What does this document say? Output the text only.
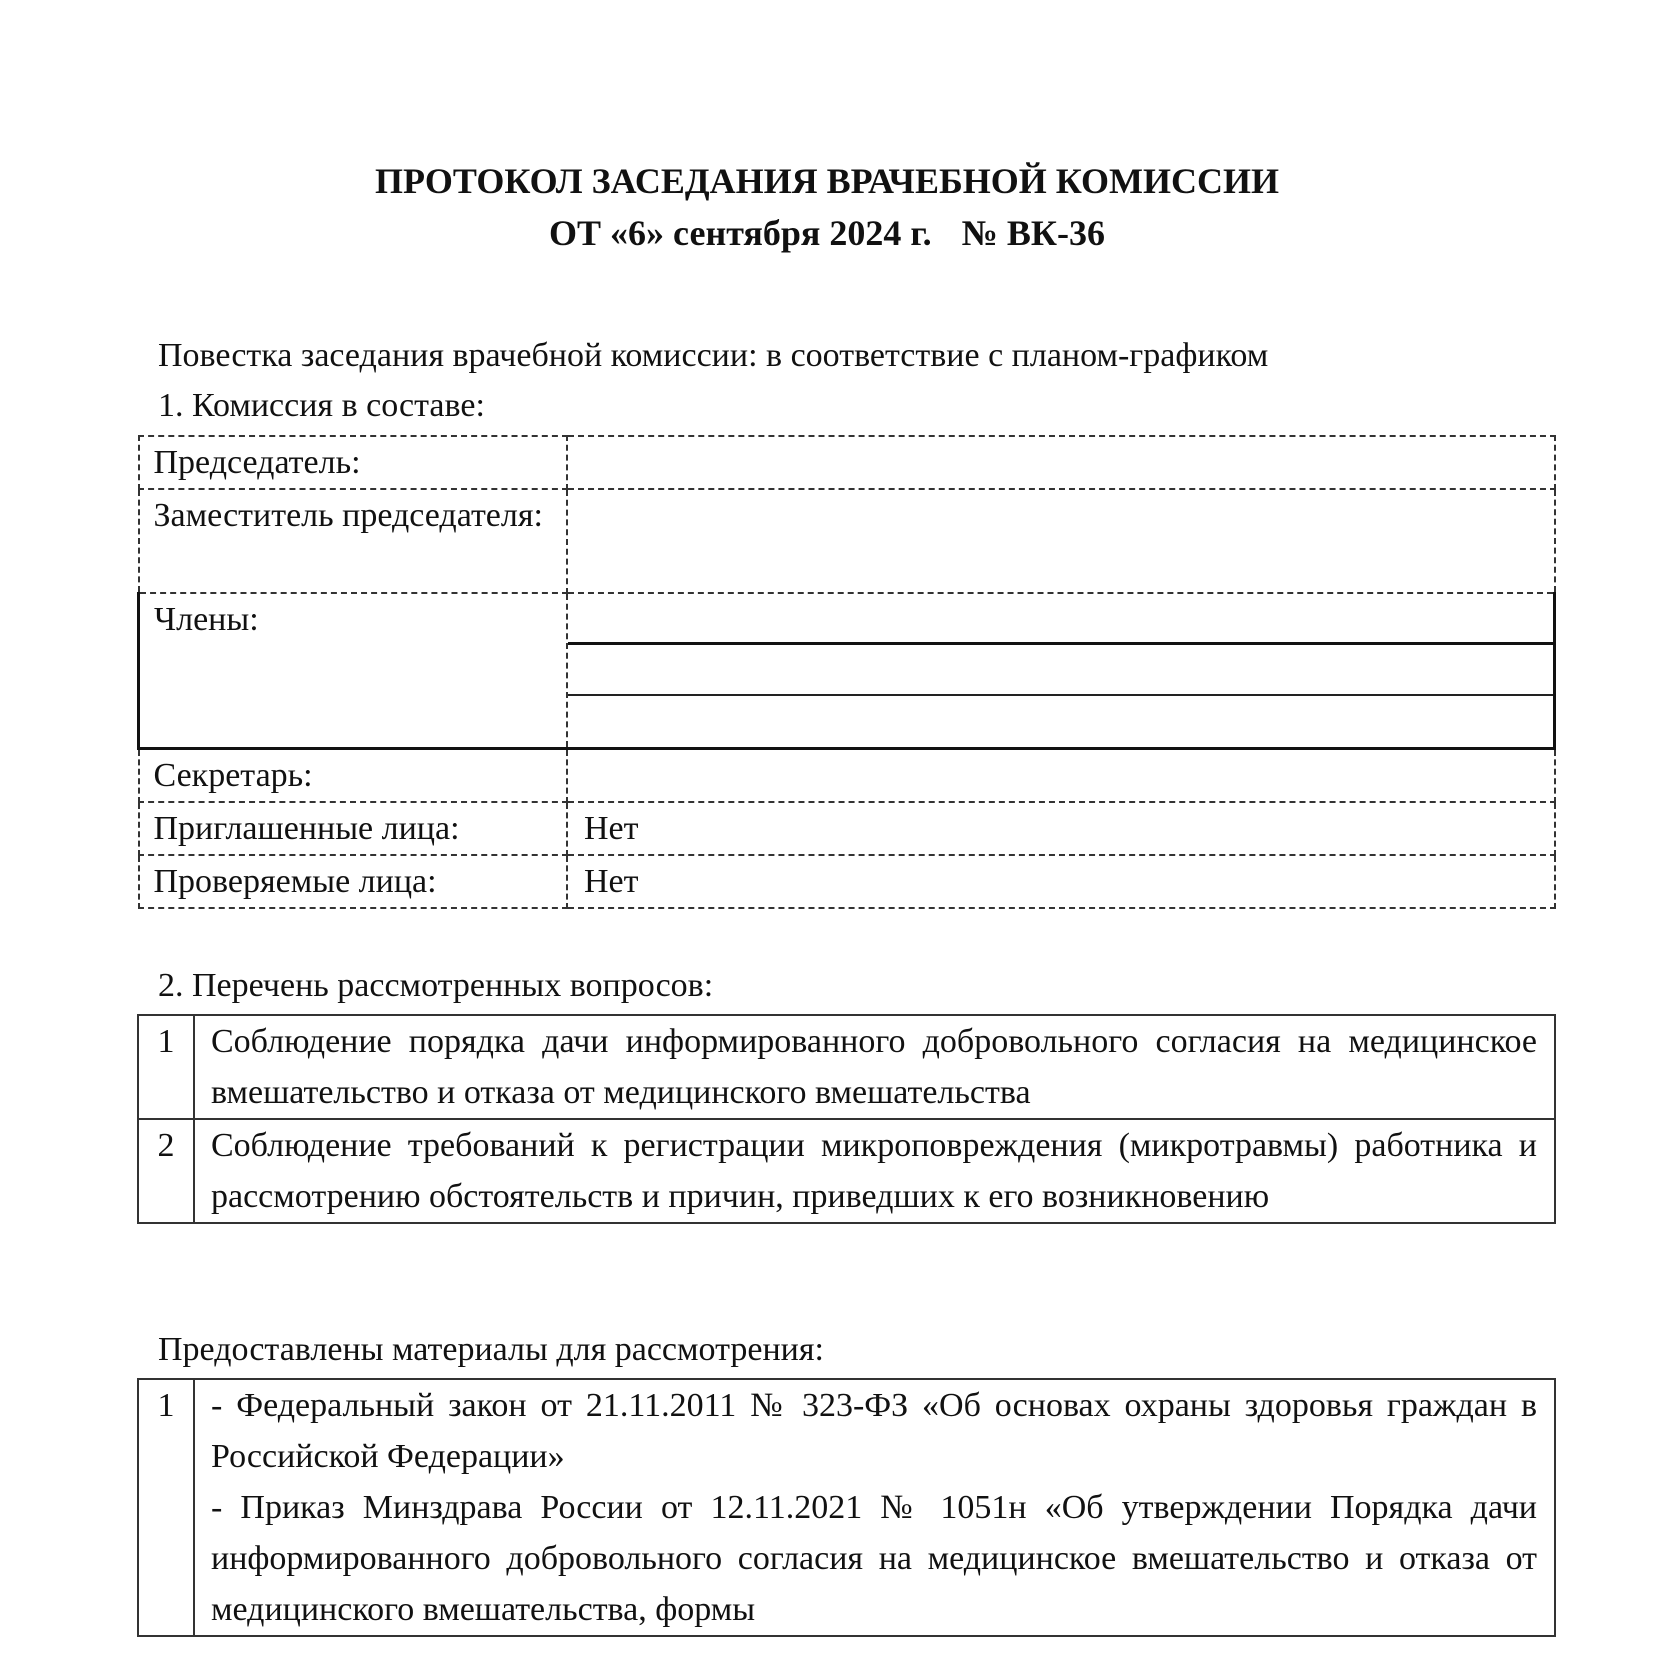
ПРОТОКОЛ ЗАСЕДАНИЯ ВРАЧЕБНОЙ КОМИССИИ
ОТ «6» сентября 2024 г. № ВК-36
Повестка заседания врачебной комиссии: в соответствие с планом-графиком
1. Комиссия в составе:
Председатель:	
Заместитель председателя:	
Члены:	

Секретарь:	
Приглашенные лица:	Нет
Проверяемые лица:	Нет
2. Перечень рассмотренных вопросов:
1	Соблюдение порядка дачи информированного добровольного согласия на медицинское вмешательство и отказа от медицинского вмешательства
2	Соблюдение требований к регистрации микроповреждения (микротравмы) работника и рассмотрению обстоятельств и причин, приведших к его возникновению
Предоставлены материалы для рассмотрения:
1	- Федеральный закон от 21.11.2011 № 323-ФЗ «Об основах охраны здоровья граждан в Российской Федерации»
- Приказ Минздрава России от 12.11.2021 № 1051н «Об утверждении Порядка дачи информированного добровольного согласия на медицинское вмешательство и отказа от медицинского вмешательства, формы
